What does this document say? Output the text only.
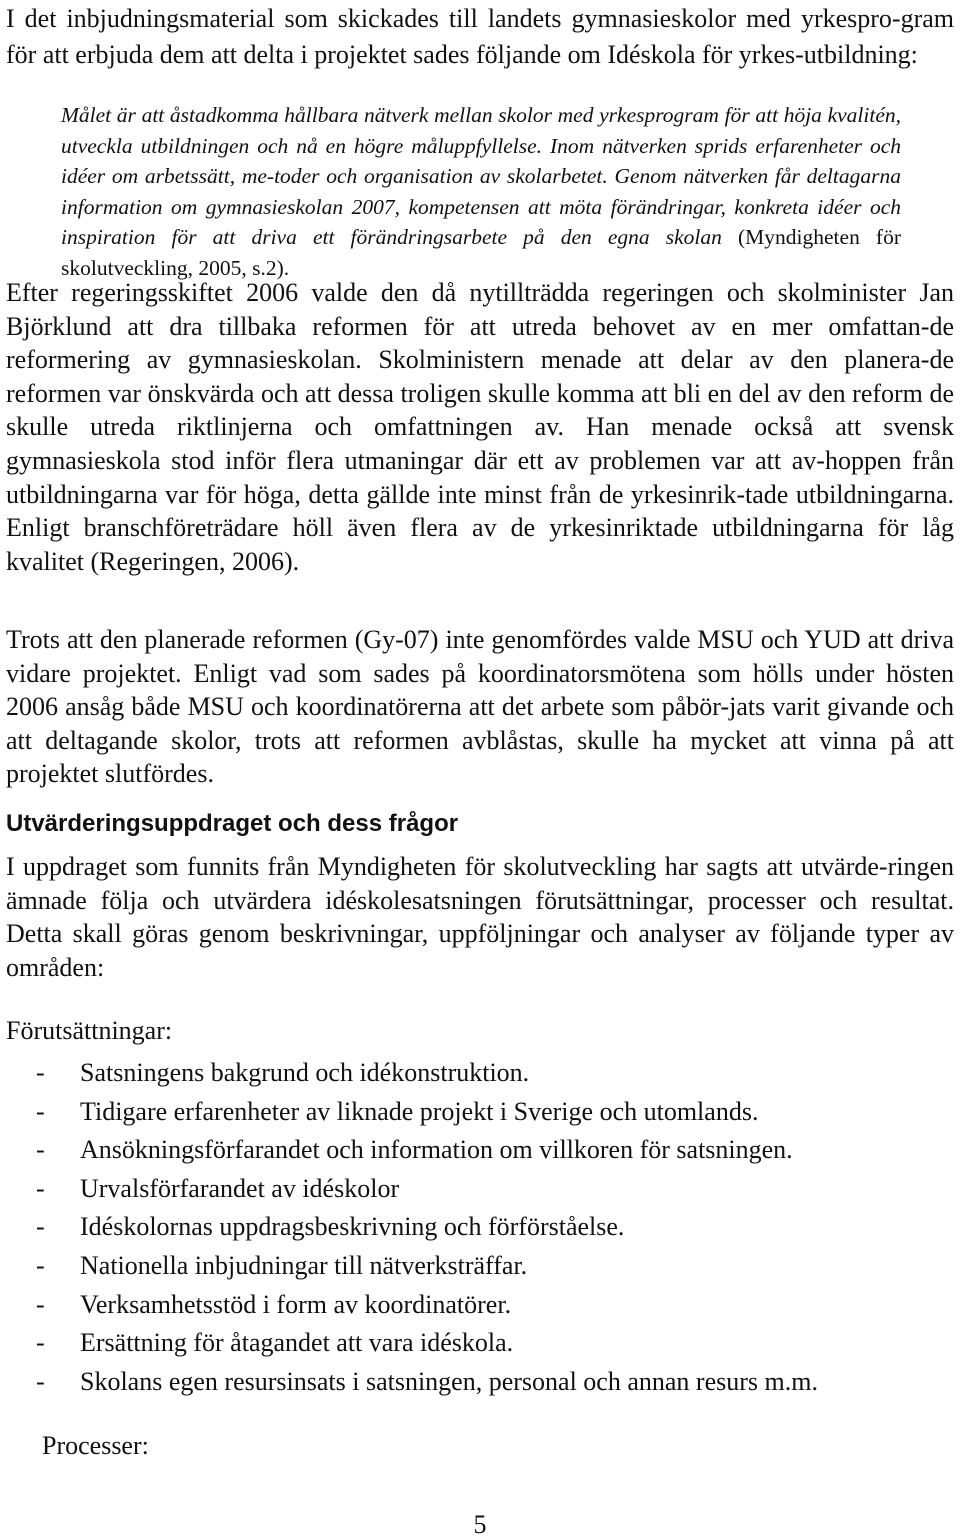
I det inbjudningsmaterial som skickades till landets gymnasieskolor med yrkespro-gram för att erbjuda dem att delta i projektet sades följande om Idéskola för yrkes-utbildning:

Målet är att åstadkomma hållbara nätverk mellan skolor med yrkesprogram för att höja kvalitén, utveckla utbildningen och nå en högre måluppfyllelse. Inom nätverken sprids erfarenheter och idéer om arbetssätt, me-toder och organisation av skolarbetet. Genom nätverken får deltagarna information om gymnasieskolan 2007, kompetensen att möta förändringar, konkreta idéer och inspiration för att driva ett förändringsarbete på den egna skolan (Myndigheten för skolutveckling, 2005, s.2).

Efter regeringsskiftet 2006 valde den då nytillträdda regeringen och skolminister Jan Björklund att dra tillbaka reformen för att utreda behovet av en mer omfattan-de reformering av gymnasieskolan. Skolministern menade att delar av den planera-de reformen var önskvärda och att dessa troligen skulle komma att bli en del av den reform de skulle utreda riktlinjerna och omfattningen av. Han menade också att svensk gymnasieskola stod inför flera utmaningar där ett av problemen var att av-hoppen från utbildningarna var för höga, detta gällde inte minst från de yrkesinrik-tade utbildningarna. Enligt branschföreträdare höll även flera av de yrkesinriktade utbildningarna för låg kvalitet (Regeringen, 2006).

Trots att den planerade reformen (Gy-07) inte genomfördes valde MSU och YUD att driva vidare projektet. Enligt vad som sades på koordinatorsmötena som hölls under hösten 2006 ansåg både MSU och koordinatörerna att det arbete som påbör-jats varit givande och att deltagande skolor, trots att reformen avblåstas, skulle ha mycket att vinna på att projektet slutfördes.

Utvärderingsuppdraget och dess frågor

I uppdraget som funnits från Myndigheten för skolutveckling har sagts att utvärde-ringen ämnade följa och utvärdera idéskolesatsningen förutsättningar, processer och resultat. Detta skall göras genom beskrivningar, uppföljningar och analyser av följande typer av områden:

Förutsättningar:
- Satsningens bakgrund och idékonstruktion.
- Tidigare erfarenheter av liknade projekt i Sverige och utomlands.
- Ansökningsförfarandet och information om villkoren för satsningen.
- Urvalsförfarandet av idéskolor
- Idéskolornas uppdragsbeskrivning och förförståelse.
- Nationella inbjudningar till nätverksträffar.
- Verksamhetsstöd i form av koordinatörer.
- Ersättning för åtagandet att vara idéskola.
- Skolans egen resursinsats i satsningen, personal och annan resurs m.m.
Processer:
5
